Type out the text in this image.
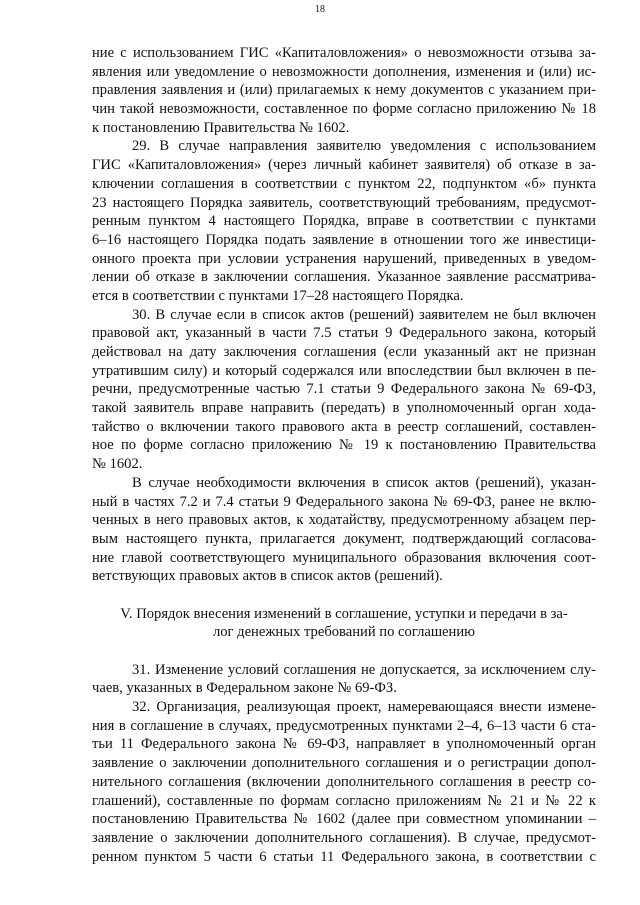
18
ние с использованием ГИС «Капиталовложения» о невозможности отзыва за-
явления или уведомление о невозможности дополнения, изменения и (или) ис-
правления заявления и (или) прилагаемых к нему документов с указанием при-
чин такой невозможности, составленное по форме согласно приложению № 18
к постановлению Правительства № 1602.
29. В случае направления заявителю уведомления с использованием
ГИС «Капиталовложения» (через личный кабинет заявителя) об отказе в за-
ключении соглашения в соответствии с пунктом 22, подпунктом «б» пункта
23 настоящего Порядка заявитель, соответствующий требованиям, предусмот-
ренным пунктом 4 настоящего Порядка, вправе в соответствии с пунктами
6–16 настоящего Порядка подать заявление в отношении того же инвестици-
онного проекта при условии устранения нарушений, приведенных в уведом-
лении об отказе в заключении соглашения. Указанное заявление рассматрива-
ется в соответствии с пунктами 17–28 настоящего Порядка.
30. В случае если в список актов (решений) заявителем не был включен
правовой акт, указанный в части 7.5 статьи 9 Федерального закона, который
действовал на дату заключения соглашения (если указанный акт не признан
утратившим силу) и который содержался или впоследствии был включен в пе-
речни, предусмотренные частью 7.1 статьи 9 Федерального закона № 69-ФЗ,
такой заявитель вправе направить (передать) в уполномоченный орган хода-
тайство о включении такого правового акта в реестр соглашений, составлен-
ное по форме согласно приложению № 19 к постановлению Правительства
№ 1602.
В случае необходимости включения в список актов (решений), указан-
ный в частях 7.2 и 7.4 статьи 9 Федерального закона № 69-ФЗ, ранее не вклю-
ченных в него правовых актов, к ходатайству, предусмотренному абзацем пер-
вым настоящего пункта, прилагается документ, подтверждающий согласова-
ние главой соответствующего муниципального образования включения соот-
ветствующих правовых актов в список актов (решений).
V. Порядок внесения изменений в соглашение, уступки и передачи в за-
лог денежных требований по соглашению
31. Изменение условий соглашения не допускается, за исключением слу-
чаев, указанных в Федеральном законе № 69-ФЗ.
32. Организация, реализующая проект, намеревающаяся внести измене-
ния в соглашение в случаях, предусмотренных пунктами 2–4, 6–13 части 6 ста-
тьи 11 Федерального закона № 69-ФЗ, направляет в уполномоченный орган
заявление о заключении дополнительного соглашения и о регистрации допол-
нительного соглашения (включении дополнительного соглашения в реестр со-
глашений), составленные по формам согласно приложениям № 21 и № 22 к
постановлению Правительства № 1602 (далее при совместном упоминании –
заявление о заключении дополнительного соглашения). В случае, предусмот-
ренном пунктом 5 части 6 статьи 11 Федерального закона, в соответствии с
